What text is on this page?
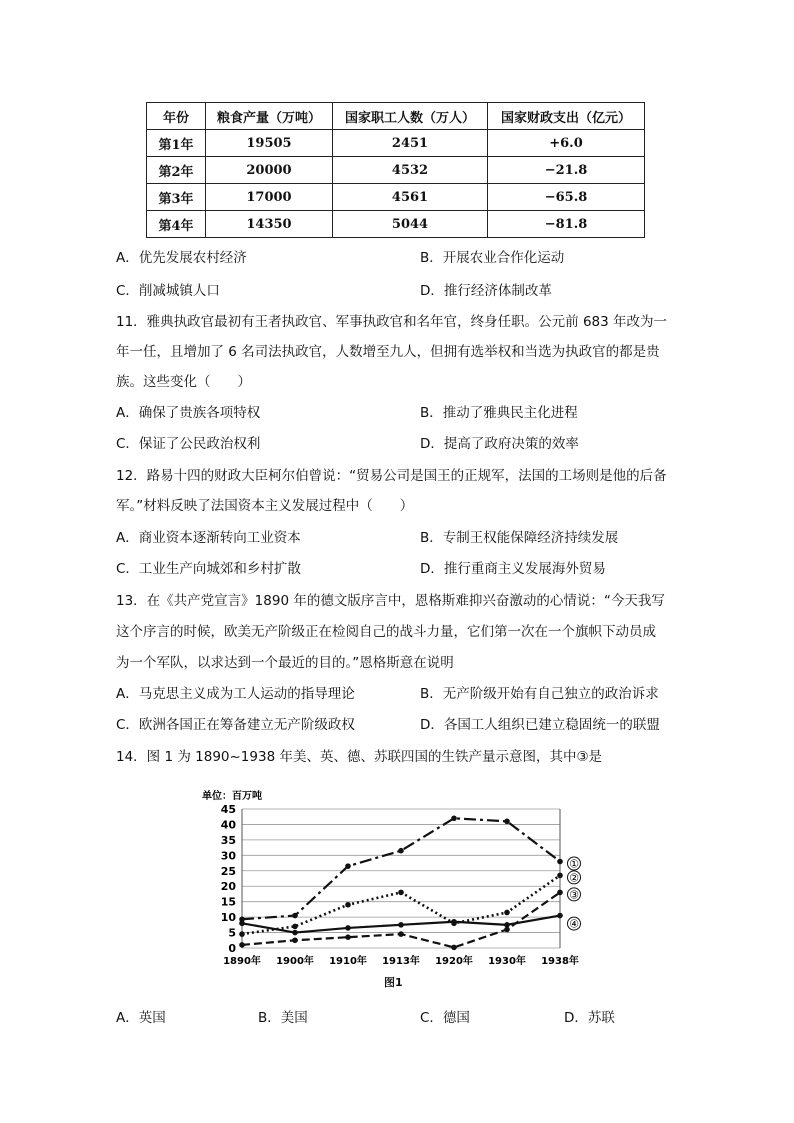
年份	粮食产量（万吨）	国家职工人数（万人）	国家财政支出（亿元）
第1年	19505	2451	+6.0
第2年	20000	4532	−21.8
第3年	17000	4561	−65.8
第4年	14350	5044	−81.8
A．优先发展农村经济	B．开展农业合作化运动
C．削减城镇人口	D．推行经济体制改革
11．雅典执政官最初有王者执政官、军事执政官和名年官，终身任职。公元前 683 年改为一
年一任，且增加了 6 名司法执政官，人数增至九人，但拥有选举权和当选为执政官的都是贵
族。这些变化（　　）
A．确保了贵族各项特权	B．推动了雅典民主化进程
C．保证了公民政治权利	D．提高了政府决策的效率
12．路易十四的财政大臣柯尔伯曾说：“贸易公司是国王的正规军，法国的工场则是他的后备
军。”材料反映了法国资本主义发展过程中（　　）
A．商业资本逐渐转向工业资本	B．专制王权能保障经济持续发展
C．工业生产向城郊和乡村扩散	D．推行重商主义发展海外贸易
13．在《共产党宣言》1890 年的德文版序言中，恩格斯难抑兴奋激动的心情说：“今天我写
这个序言的时候，欧美无产阶级正在检阅自己的战斗力量，它们第一次在一个旗帜下动员成
为一个军队，以求达到一个最近的目的。”恩格斯意在说明
A．马克思主义成为工人运动的指导理论	B．无产阶级开始有自己独立的政治诉求
C．欧洲各国正在筹备建立无产阶级政权	D．各国工人组织已建立稳固统一的联盟
14．图 1 为 1890~1938 年美、英、德、苏联四国的生铁产量示意图，其中③是
单位：百万吨
0
5
10
15
20
25
30
35
40
45
1890年 1900年 1910年 1913年 1920年 1930年 1938年
①
②
③
④
图1
A．英国	B．美国	C．德国	D．苏联
